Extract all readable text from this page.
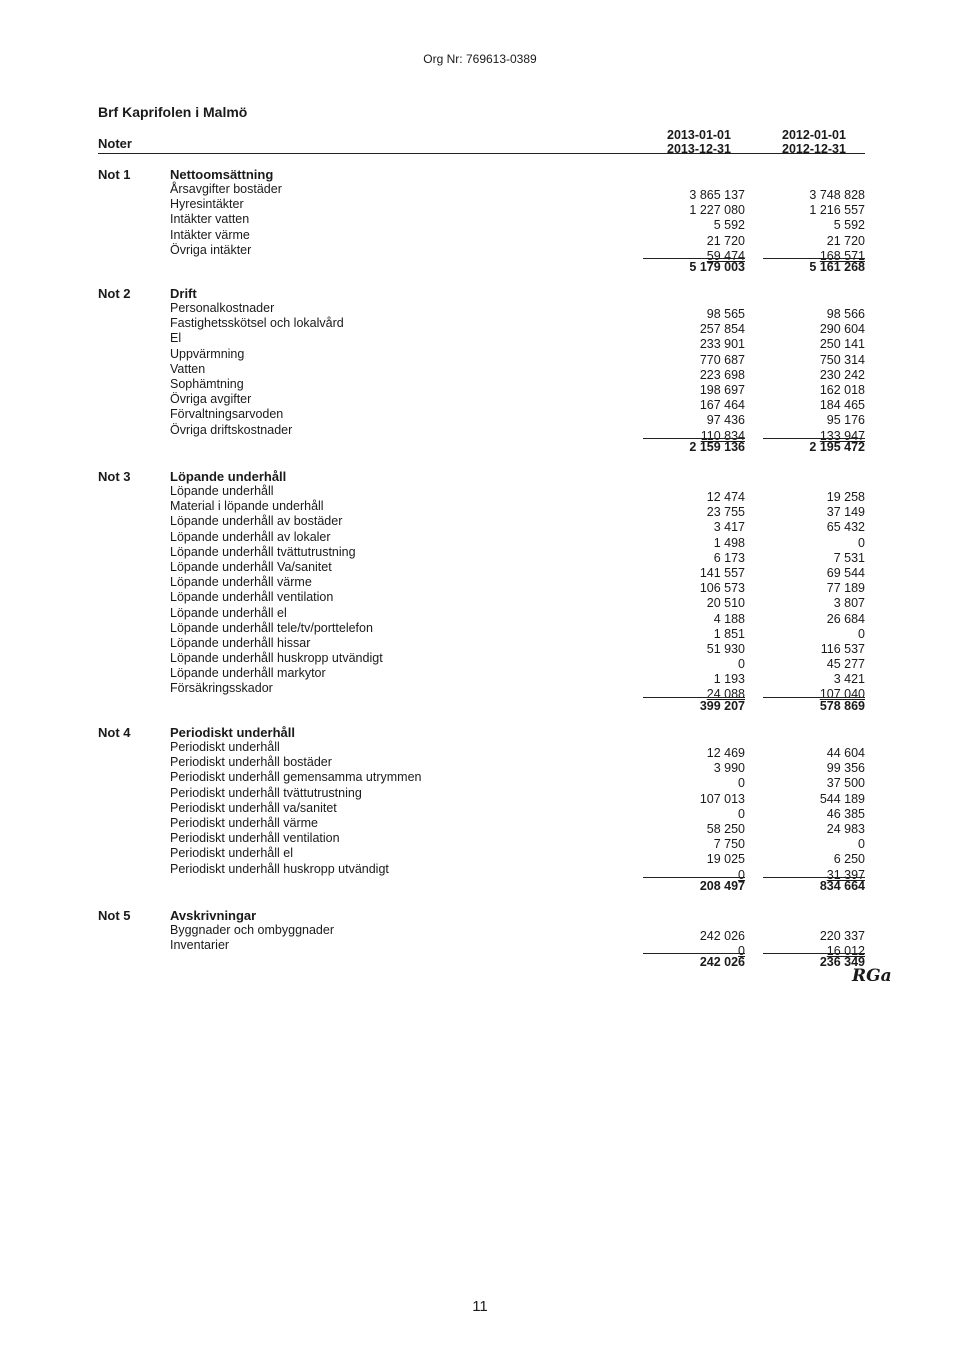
Org Nr: 769613-0389
Brf Kaprifolen i Malmö
Noter
2013-01-01
2013-12-31
2012-01-01
2012-12-31
Not 1	Nettoomsättning
Årsavgifter bostäder	3 865 137	3 748 828
Hyresintäkter	1 227 080	1 216 557
Intäkter vatten	5 592	5 592
Intäkter värme	21 720	21 720
Övriga intäkter	59 474	168 571
5 179 003	5 161 268
Not 2	Drift
Personalkostnader	98 565	98 566
Fastighetsskötsel och lokalvård	257 854	290 604
El	233 901	250 141
Uppvärmning	770 687	750 314
Vatten	223 698	230 242
Sophämtning	198 697	162 018
Övriga avgifter	167 464	184 465
Förvaltningsarvoden	97 436	95 176
Övriga driftskostnader	110 834	133 947
2 159 136	2 195 472
Not 3	Löpande underhåll
Löpande underhåll	12 474	19 258
Material i löpande underhåll	23 755	37 149
Löpande underhåll av bostäder	3 417	65 432
Löpande underhåll av lokaler	1 498	0
Löpande underhåll tvättutrustning	6 173	7 531
Löpande underhåll Va/sanitet	141 557	69 544
Löpande underhåll värme	106 573	77 189
Löpande underhåll ventilation	20 510	3 807
Löpande underhåll el	4 188	26 684
Löpande underhåll tele/tv/porttelefon	1 851	0
Löpande underhåll hissar	51 930	116 537
Löpande underhåll huskropp utvändigt	0	45 277
Löpande underhåll markytor	1 193	3 421
Försäkringsskador	24 088	107 040
399 207	578 869
Not 4	Periodiskt underhåll
Periodiskt underhåll	12 469	44 604
Periodiskt underhåll bostäder	3 990	99 356
Periodiskt underhåll gemensamma utrymmen	0	37 500
Periodiskt underhåll tvättutrustning	107 013	544 189
Periodiskt underhåll va/sanitet	0	46 385
Periodiskt underhåll värme	58 250	24 983
Periodiskt underhåll ventilation	7 750	0
Periodiskt underhåll el	19 025	6 250
Periodiskt underhåll huskropp utvändigt	0	31 397
208 497	834 664
Not 5	Avskrivningar
Byggnader och ombyggnader	242 026	220 337
Inventarier	0	16 012
242 026	236 349
RGa
11
